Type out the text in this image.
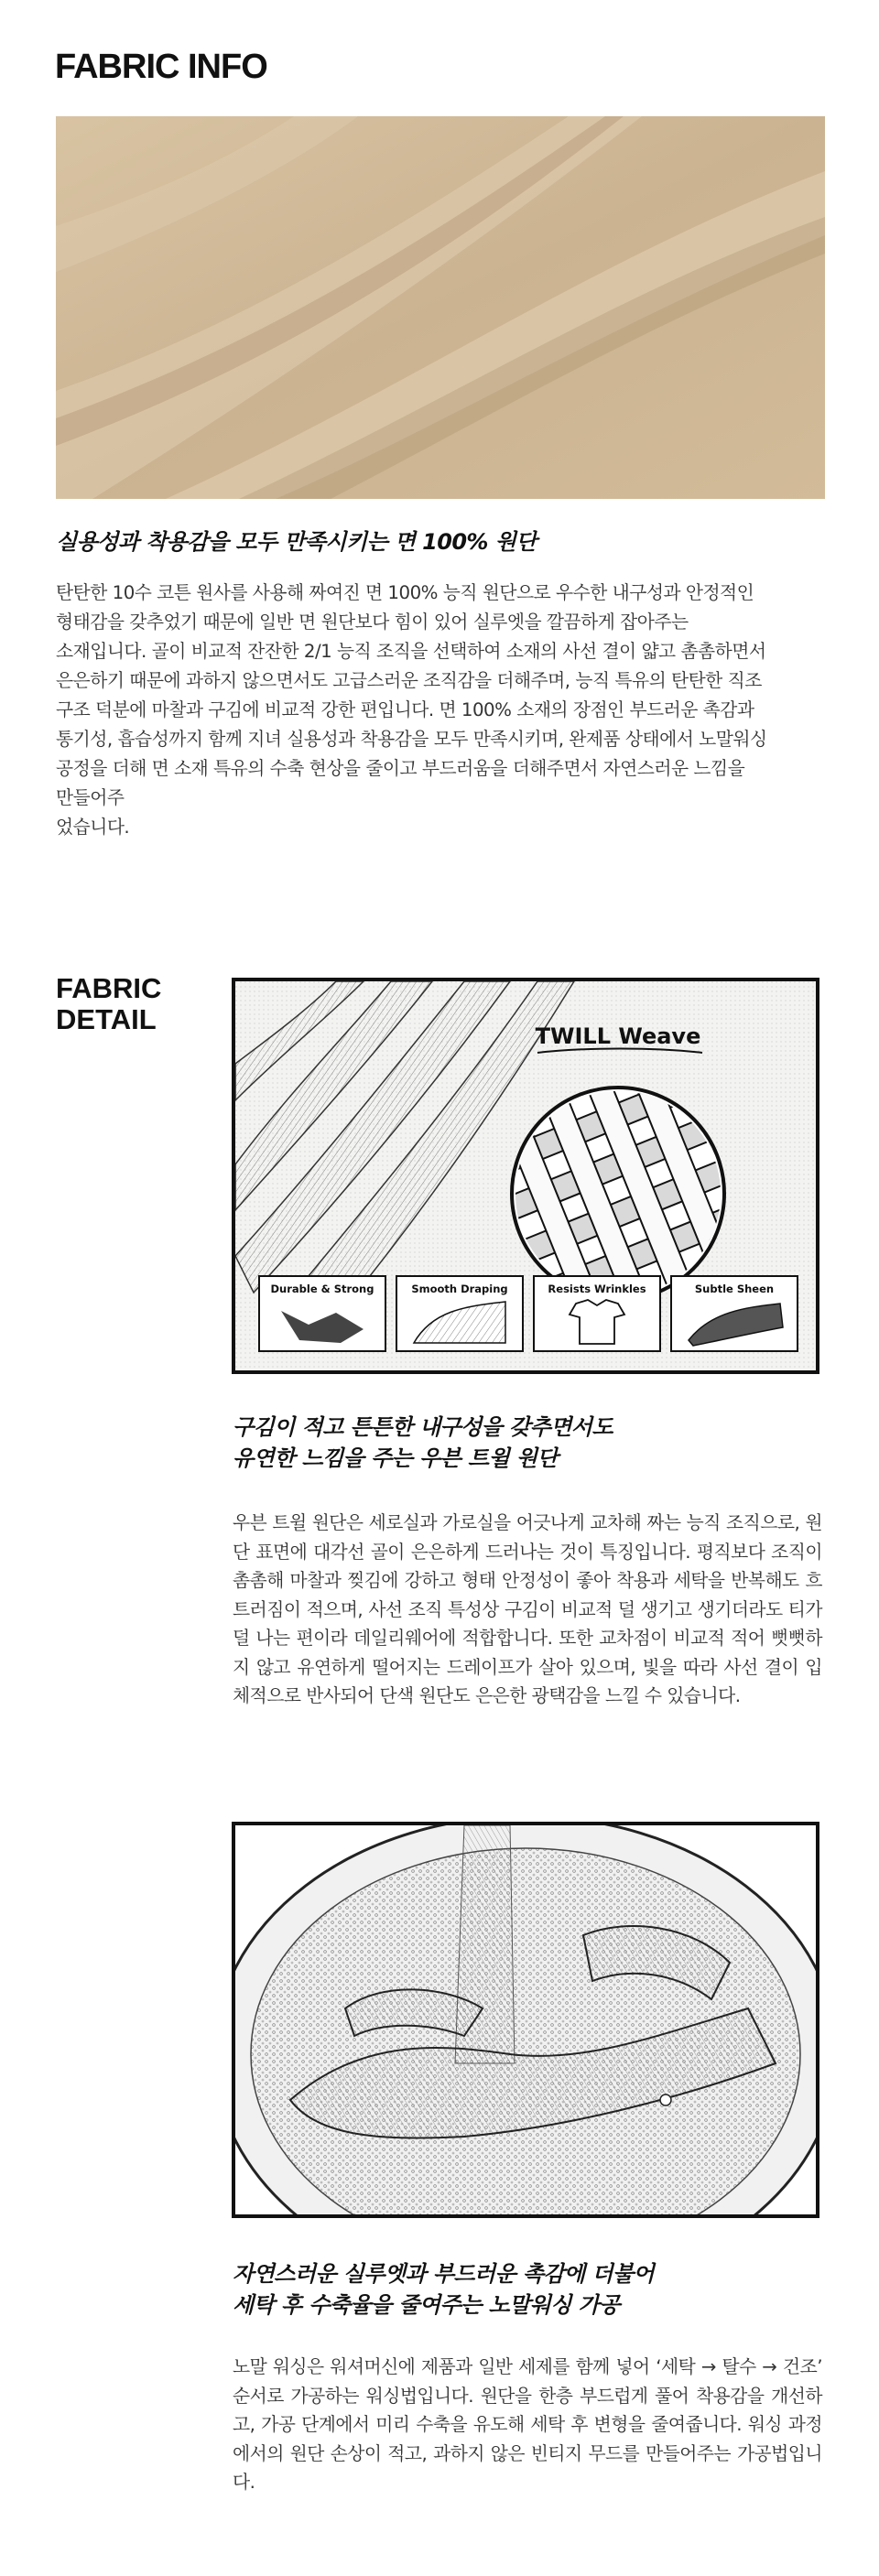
FABRIC INFO

실용성과 착용감을 모두 만족시키는 면 100% 원단

탄탄한 10수 코튼 원사를 사용해 짜여진 면 100% 능직 원단으로 우수한 내구성과 안정적인
형태감을 갖추었기 때문에 일반 면 원단보다 힘이 있어 실루엣을 깔끔하게 잡아주는
소재입니다. 골이 비교적 잔잔한 2/1 능직 조직을 선택하여 소재의 사선 결이 얇고 촘촘하면서
은은하기 때문에 과하지 않으면서도 고급스러운 조직감을 더해주며, 능직 특유의 탄탄한 직조
구조 덕분에 마찰과 구김에 비교적 강한 편입니다. 면 100% 소재의 장점인 부드러운 촉감과
통기성, 흡습성까지 함께 지녀 실용성과 착용감을 모두 만족시키며, 완제품 상태에서 노말워싱
공정을 더해 면 소재 특유의 수축 현상을 줄이고 부드러움을 더해주면서 자연스러운 느낌을
만들어주
었습니다.

FABRIC
DETAIL
TWILL Weave
Durable & Strong	Smooth Draping	Resists Wrinkles	Subtle Sheen

구김이 적고 튼튼한 내구성을 갖추면서도
유연한 느낌을 주는 우븐 트윌 원단

우븐 트윌 원단은 세로실과 가로실을 어긋나게 교차해 짜는 능직 조직으로, 원단 표면에 대각선 골이 은은하게 드러나는 것이 특징입니다. 평직보다 조직이 촘촘해 마찰과 찢김에 강하고 형태 안정성이 좋아 착용과 세탁을 반복해도 흐트러짐이 적으며, 사선 조직 특성상 구김이 비교적 덜 생기고 생기더라도 티가 덜 나는 편이라 데일리웨어에 적합합니다. 또한 교차점이 비교적 적어 뻣뻣하지 않고 유연하게 떨어지는 드레이프가 살아 있으며, 빛을 따라 사선 결이 입체적으로 반사되어 단색 원단도 은은한 광택감을 느낄 수 있습니다.

자연스러운 실루엣과 부드러운 촉감에 더불어
세탁 후 수축율을 줄여주는 노말워싱 가공

노말 워싱은 워셔머신에 제품과 일반 세제를 함께 넣어 ‘세탁 → 탈수 → 건조’ 순서로 가공하는 워싱법입니다. 원단을 한층 부드럽게 풀어 착용감을 개선하고, 가공 단계에서 미리 수축을 유도해 세탁 후 변형을 줄여줍니다. 워싱 과정에서의 원단 손상이 적고, 과하지 않은 빈티지 무드를 만들어주는 가공법입니다.
